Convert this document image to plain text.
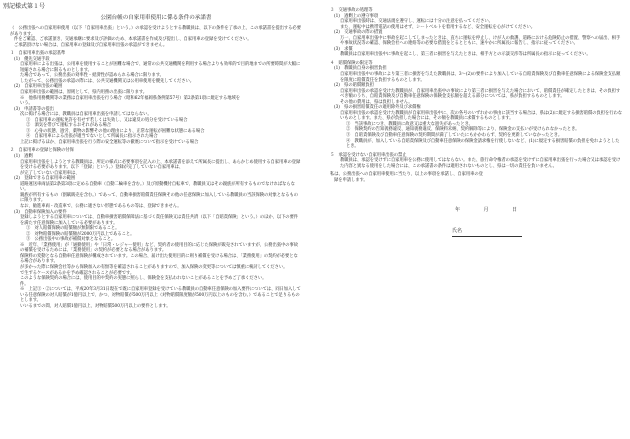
別記様式第１号
公園台帳の自家用車使用に係る条件の承諾書

（　公務出張への自家用車使用（以下「自家用車出張」という。）の承認を受けようとする教職員は、以下の条件を了承の上、この承諾書を提出する必要があります。

件をご確認、ご承諾頂き、交通承継に要求及び評価のため、本承諾書を作成及び提出し、自家用車の登録を受けてください。

ご承諾頂けない場合は、自家用車の登録及び自家用車出張の承認ができません。

１　自家用車出張の承認基準

(1)　優先交通手段

自家用車による出張は、公用車を使用することが困難な場合で、通常の公共交通機関を利用する場合よりも効率的で目的地までの所要時間が大幅に短縮される場合に限るものとします。

た場合であって、公務出張の効率性・経済性が認められる場合に限ります。

したがって、公務出張の承認の際には、公共交通機関又は公用車使用を優先してください。

(2)　自家用車出張の範囲

自家用車出張の範囲は、原則として、県内用務の出張に限ります。

※　他県用務機関等の業務は自家用車出張を行う場合（昭和62年福岡県条例第57号）第2条第1項に規定する地域を

いう。

(3)　申請書等の提出

次に掲げる場合には、教職員は自家用車出張を申請してはならない。

①　自家用車の運転免許を有せず若しくは失効し、又は違反の処分を受けている場合

②　酒気を帯びて運転するおそれがある場合

③　心身の状態、過労、薬物の影響その他の理由により、正常な運転が困難な状態にある場合

④　自家用車による出張が適当でないとして所属長に指示された場合

上記に掲げるほか、自家用車出張を行う際の安全運転等の徹底について指示を受けている場合

２　自家用車の登録と保険の付保

(1)　過剰

自家用車出張をしようとする教職員は、所定の様式に必要事項を記入の上、本承諾書を添えて所属長に提出し、あらかじめ使用する自家用車の登録を受ける必要があります。以下「登録」という。）登録が完了していない自家用車は、

が完了していない自家用車は、

(2)　登録できる自家用車の範囲

道路運送車両法第2条第3項に定める自動車（自動二輪車を含む。）及び原動機付自転車で、教職員又はその親族が所有するものでなければならない。

親族が所有するもの（割賦販売を含む。）であって、自動車損害賠償責任保険その他の任意保険に加入している教職員の当該保険の対象となるものに限ります。

なお、勧進車両・改造車で、公務に適さない形態であるもの等は、登録できません。

(3)　自動車保険加入の要件

登録しようとする自家用車については、自動車損害賠償保障法に基づく責任保険又は責任共済（以下「自賠責保険」という。）のほか、以下の要件を満たす任意保険に加入している必要があります。

①　対人賠償保険の賠償額が無制限であること。

②　対物賠償保険の賠償額が2000万円以上であること。

③　公務出張中の事故が補償対象となること。

※　近年、「業務使用」が「通勤使用」や「日常・レジャー使用」など、契約者の使用目的に応じた保険が販売されていますが、公務出張中の事故の補償を受けるためには、「業務使用」の契約が必要となる場合があります。

保険料の変動となる自動車任意保険が構成されています。この場合、届け出た使用目的に則り補償を受ける場合は、「業務使用」の契約が必要となる場合があります。

が多かった際に保険会社等から保険加入の有無等を確認されることがありますので、加入保険の変更等については慎重に検討してください。

で生ずるケースがあるかを予め確認されることが必要です。

このような保険契約の場合には、使用目的や契約の実態に照らし、保険金を支払われないことがあることを予めご了承ください。

件。

※　上記①・②については、平成20年3月31日現在で既に自家用車登録を受けている教職員の自動車任意保険の加入要件については、同日加入している任意保険の対人賠償が1億円以上で、かつ、対物賠償が500万円以上（対物賠償限度額が500万円以上のものを含む。）であることで足りるものとします。

いいるまでの間、対人賠償1億円以上、対物賠償500万円以上の要件とします。

３　交通事故の処理等

(1)　過剰上の遵守事項

自家用車出張時は、交通法規を遵守し、運転には十分の注意を払ってください。

また、運転中は携帯電話の使用はせず、シートベルトを着用するなど、安全運転を心がけてください。

(2)　交通事故の際の措置

万一、自家用車出張中に事故を起こしてしまったときは、直ちに運転を停止し、けが人の救護、道路における危険防止の措置、警察への届出、相手や事故状況等の確認、保険会社への連絡等の必要な措置をとるとともに、速やかに所属長に報告し、指示に従ってください。

(3)　求償

教職員は自家用車出張中に事故を起こし、第三者に損害を与えたときは、相手方との示談交渉等は所属長の指示に従ってください。

４　賠償保険の限定等

(1)　教職員自身の損害負担

自家用車出張中の事故により第三者に損害を与えた教職員は、3～(2)の要件により加入している自賠責保険及び自動車任意保険による保険金支払額を限度に賠償責任を負担するものとします。

(2)　県の賠償額負担

自家用車出張の承認を受けた教職員が、自家用車出張中の事故により第三者に損害を与えた場合において、賠償責任が確定したときは、その負担すべき額のうち、自賠責保険及び自動車任意保険の保険金支払額を超える部分については、県が負担するものとします。

その他の費用は、県は負担しません。

(3)　県の損害賠償責任の適用除外及び求償権

自家用車出張の承認を受けた教職員が自家用車出張中に、次の各号のいずれかの事由に該当する場合は、県は(2)に規定する損害賠償の負担を行わないものとします。また、県が負担した場合には、その額を教職員に求償するものとします。

①　当該事故につき、教職員に故意又は重大な過失があったとき。

②　保険契約の告知義務違反、通知義務違反、保険料未納、契約解除等により、保険金の支払いが受けられなかったとき。

③　自賠責保険及び自動車任意保険の契約期間が満了していたにもかかわらず、契約を更新していなかったとき。

④　教職員が、加入している自賠責保険及び自動車任意保険の保険金請求権を行使しないなど、(1)に規定する損害賠償の負担を免れようとしたとき。

５　承認を受けない自家用車出張の禁止

教職員は、承認を受けずに自家用車を公務に使用してはならない。また、旅行命令権者の承認を受けずに自家用車出張を行った場合又は承認を受けた内容と異なる使用をした場合には、この承諾書の条件は適用されないものとし、県は一切の責任を負いません。

私は、公務出張への自家用車使用に当たり、以上の事項を承諾し、自家用車の登

録を申請します。

年 月 日
氏名
